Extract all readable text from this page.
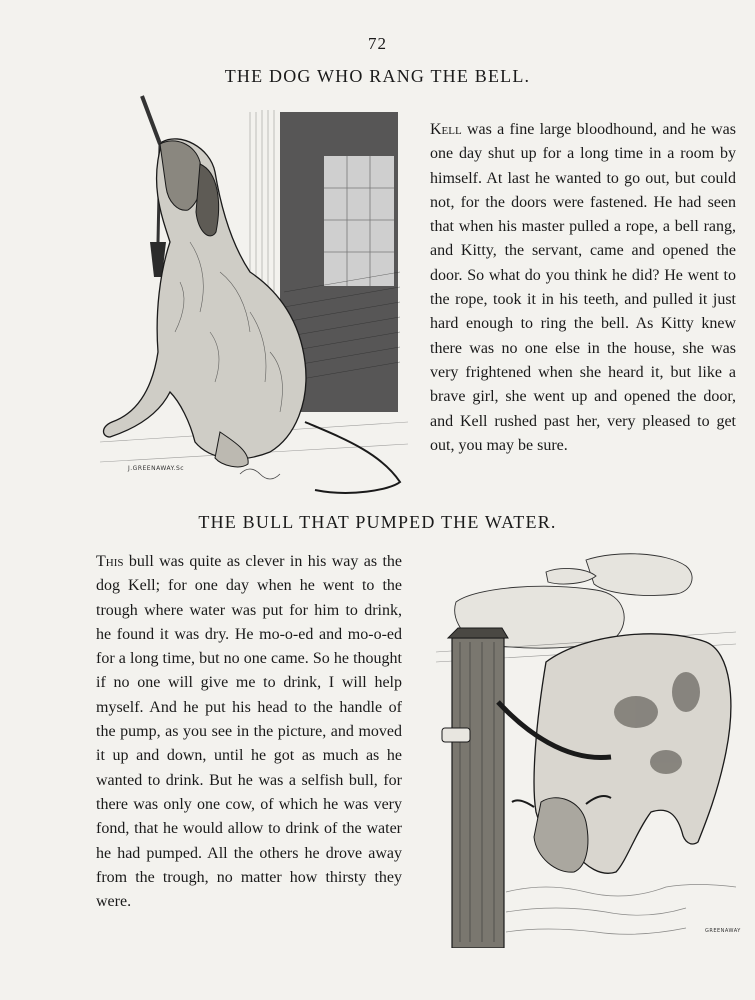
72
THE DOG WHO RANG THE BELL.
J.GREENAWAY.Sc

Kell was a fine large bloodhound, and he was one day shut up for a long time in a room by himself. At last he wanted to go out, but could not, for the doors were fastened. He had seen that when his master pulled a rope, a bell rang, and Kitty, the servant, came and opened the door. So what do you think he did? He went to the rope, took it in his teeth, and pulled it just hard enough to ring the bell. As Kitty knew there was no one else in the house, she was very frightened when she heard it, but like a brave girl, she went up and opened the door, and Kell rushed past her, very pleased to get out, you may be sure.

THE BULL THAT PUMPED THE WATER.

This bull was quite as clever in his way as the dog Kell; for one day when he went to the trough where water was put for him to drink, he found it was dry. He mo-o-ed and mo-o-ed for a long time, but no one came. So he thought if no one will give me to drink, I will help myself. And he put his head to the handle of the pump, as you see in the picture, and moved it up and down, until he got as much as he wanted to drink. But he was a selfish bull, for there was only one cow, of which he was very fond, that he would allow to drink of the water he had pumped. All the others he drove away from the trough, no matter how thirsty they were.

GREENAWAY
